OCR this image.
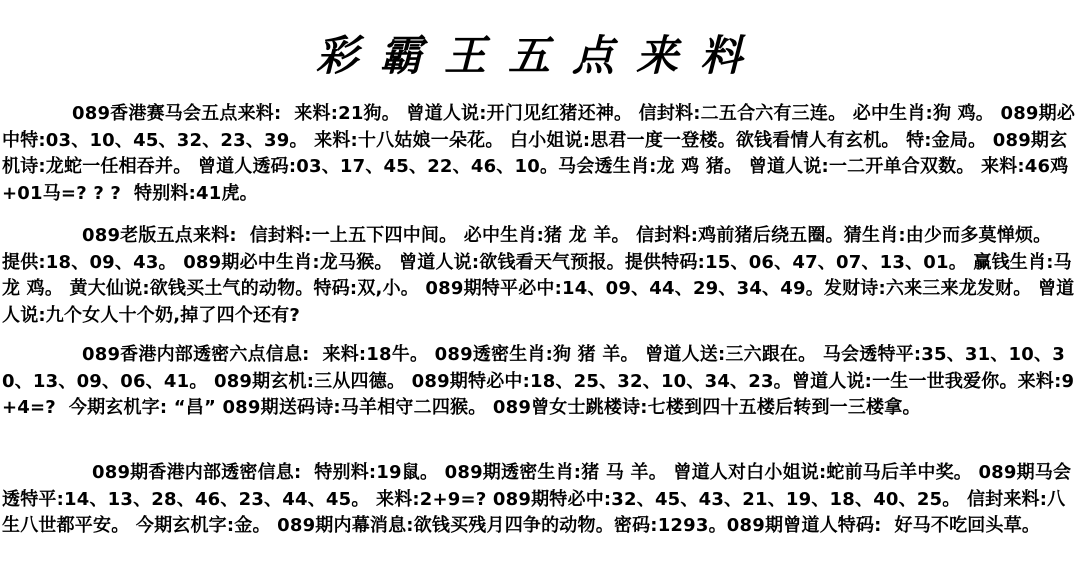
彩霸王五点来料
089香港赛马会五点来料:  来料:21狗。 曾道人说:开门见红猪还神。 信封料:二五合六有三连。 必中生肖:狗 鸡。 089期必中特:03、10、45、32、23、39。 来料:十八姑娘一朵花。 白小姐说:思君一度一登楼。欲钱看情人有玄机。 特:金局。 089期玄机诗:龙蛇一任相吞并。 曾道人透码:03、17、45、22、46、10。马会透生肖:龙 鸡 猪。 曾道人说:一二开单合双数。 来料:46鸡+01马=? ? ?  特别料:41虎。
089老版五点来料:  信封料:一上五下四中间。 必中生肖:猪 龙 羊。 信封料:鸡前猪后绕五圈。猜生肖:由少而多莫惮烦。 提供:18、09、43。 089期必中生肖:龙马猴。 曾道人说:欲钱看天气预报。提供特码:15、06、47、07、13、01。 赢钱生肖:马 龙 鸡。 黄大仙说:欲钱买土气的动物。特码:双,小。 089期特平必中:14、09、44、29、34、49。发财诗:六来三来龙发财。 曾道人说:九个女人十个奶,掉了四个还有?
089香港内部透密六点信息:  来料:18牛。 089透密生肖:狗 猪 羊。 曾道人送:三六跟在。 马会透特平:35、31、10、30、13、09、06、41。 089期玄机:三从四德。 089期特必中:18、25、32、10、34、23。曾道人说:一生一世我爱你。来料:9+4=?  今期玄机字: “昌” 089期送码诗:马羊相守二四猴。 089曾女士跳楼诗:七楼到四十五楼后转到一三楼拿。
089期香港内部透密信息:  特别料:19鼠。 089期透密生肖:猪 马 羊。 曾道人对白小姐说:蛇前马后羊中奖。 089期马会透特平:14、13、28、46、23、44、45。 来料:2+9=? 089期特必中:32、45、43、21、19、18、40、25。 信封来料:八生八世都平安。 今期玄机字:金。 089期内幕消息:欲钱买残月四争的动物。密码:1293。089期曾道人特码:  好马不吃回头草。
